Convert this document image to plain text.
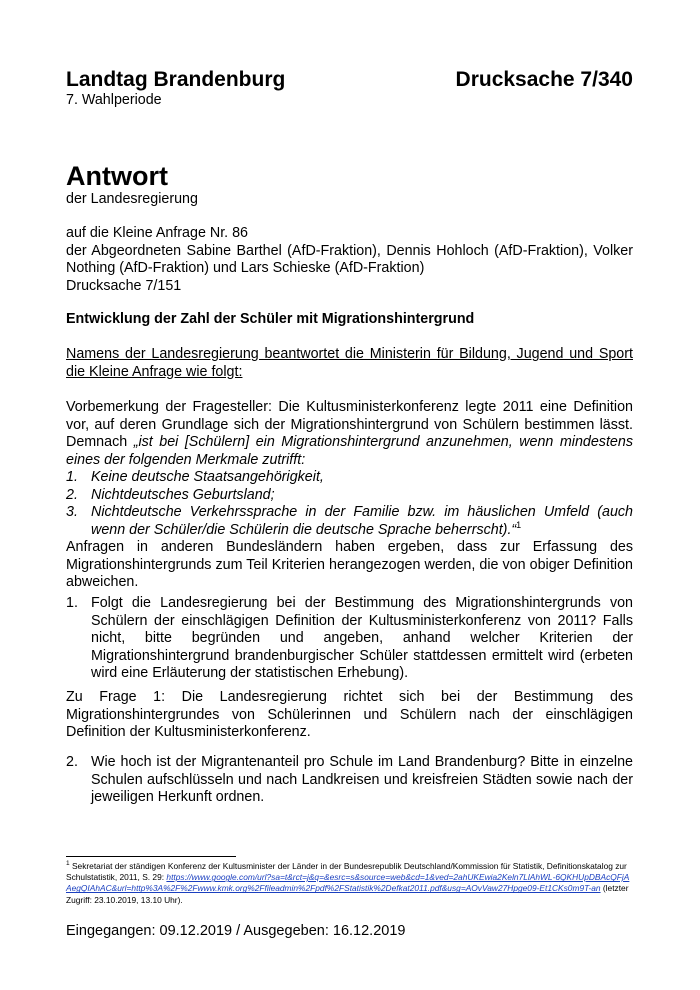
Landtag Brandenburg	Drucksache 7/340
7. Wahlperiode
Antwort
der Landesregierung
auf die Kleine Anfrage Nr. 86
der Abgeordneten Sabine Barthel (AfD-Fraktion), Dennis Hohloch (AfD-Fraktion), Volker Nothing (AfD-Fraktion) und Lars Schieske (AfD-Fraktion)
Drucksache 7/151
Entwicklung der Zahl der Schüler mit Migrationshintergrund
Namens der Landesregierung beantwortet die Ministerin für Bildung, Jugend und Sport die Kleine Anfrage wie folgt:
Vorbemerkung der Fragesteller: Die Kultusministerkonferenz legte 2011 eine Definition vor, auf deren Grundlage sich der Migrationshintergrund von Schülern bestimmen lässt. Demnach „ist bei [Schülern] ein Migrationshintergrund anzunehmen, wenn mindestens eines der folgenden Merkmale zutrifft:
1. Keine deutsche Staatsangehörigkeit,
2. Nichtdeutsches Geburtsland;
3. Nichtdeutsche Verkehrssprache in der Familie bzw. im häuslichen Umfeld (auch wenn der Schüler/die Schülerin die deutsche Sprache beherrscht).“$^1$
Anfragen in anderen Bundesländern haben ergeben, dass zur Erfassung des Migrationshintergrunds zum Teil Kriterien herangezogen werden, die von obiger Definition abweichen.
1. Folgt die Landesregierung bei der Bestimmung des Migrationshintergrunds von Schülern der einschlägigen Definition der Kultusministerkonferenz von 2011? Falls nicht, bitte begründen und angeben, anhand welcher Kriterien der Migrationshintergrund brandenburgischer Schüler stattdessen ermittelt wird (erbeten wird eine Erläuterung der statistischen Erhebung).
Zu Frage 1: Die Landesregierung richtet sich bei der Bestimmung des Migrationshintergrundes von Schülerinnen und Schülern nach der einschlägigen Definition der Kultusministerkonferenz.
2. Wie hoch ist der Migrantenanteil pro Schule im Land Brandenburg? Bitte in einzelne Schulen aufschlüsseln und nach Landkreisen und kreisfreien Städten sowie nach der jeweiligen Herkunft ordnen.
$^1$ Sekretariat der ständigen Konferenz der Kultusminister der Länder in der Bundesrepublik Deutschland/Kommission für Statistik, Definitionskatalog zur Schulstatistik, 2011, S. 29: https://www.google.com/url?sa=t&rct=j&q=&esrc=s&source=web&cd=1&ved=2ahUKEwia2Keln7LlAhWL-6QKHUpDBAcQFjAAegQIAhAC&url=http%3A%2F%2Fwww.kmk.org%2Ffileadmin%2Fpdf%2FStatistik%2Defkat2011.pdf&usg=AOvVaw27Hpge09-Et1CKs0m9T-an (letzter Zugriff: 23.10.2019, 13.10 Uhr).
Eingegangen: 09.12.2019 / Ausgegeben: 16.12.2019
